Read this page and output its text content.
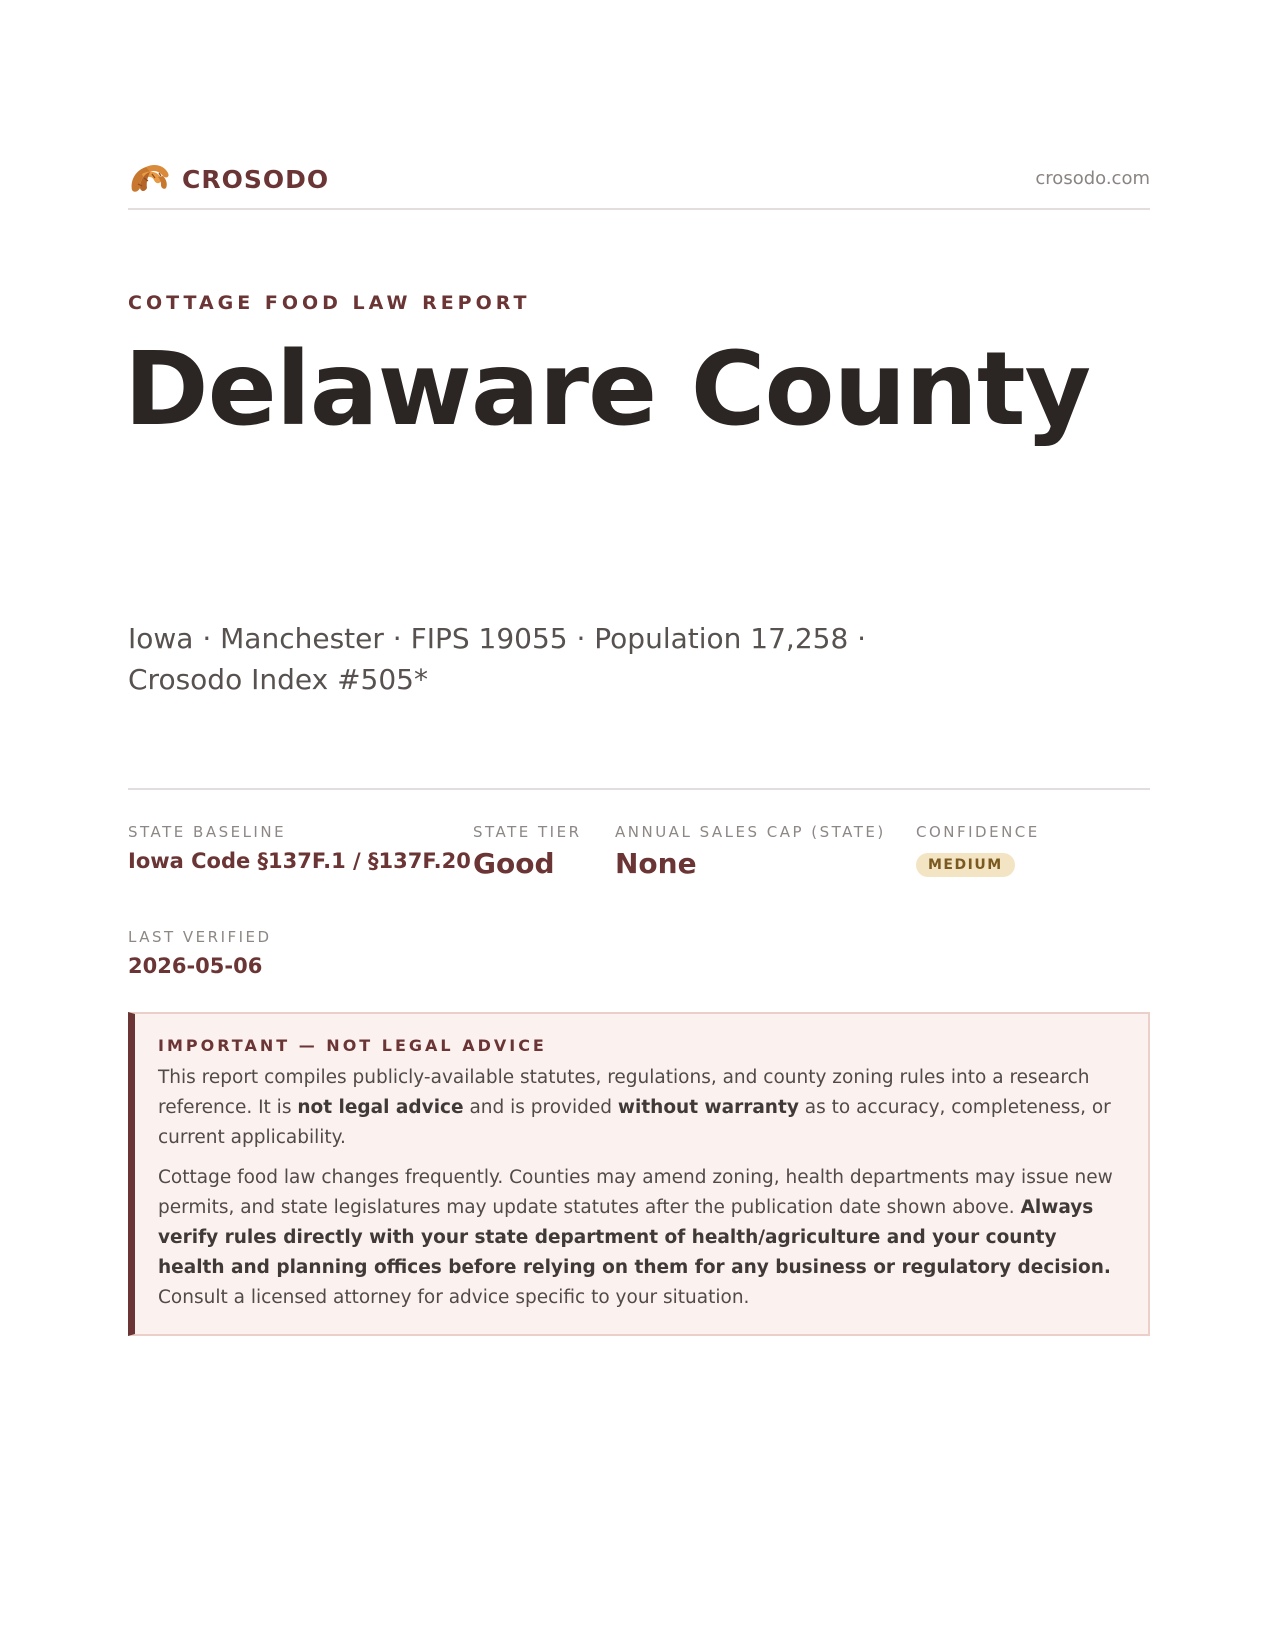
CROSODO	crosodo.com
COTTAGE FOOD LAW REPORT
Delaware County
Iowa · Manchester · FIPS 19055 · Population 17,258 · Crosodo Index #505*
STATE BASELINE
Iowa Code §137F.1 / §137F.20
STATE TIER
Good
ANNUAL SALES CAP (STATE)
None
CONFIDENCE
MEDIUM
LAST VERIFIED
2026-05-06
IMPORTANT — NOT LEGAL ADVICE

This report compiles publicly-available statutes, regulations, and county zoning rules into a research reference. It is not legal advice and is provided without warranty as to accuracy, completeness, or current applicability.

Cottage food law changes frequently. Counties may amend zoning, health departments may issue new permits, and state legislatures may update statutes after the publication date shown above. Always verify rules directly with your state department of health/agriculture and your county health and planning offices before relying on them for any business or regulatory decision. Consult a licensed attorney for advice specific to your situation.
